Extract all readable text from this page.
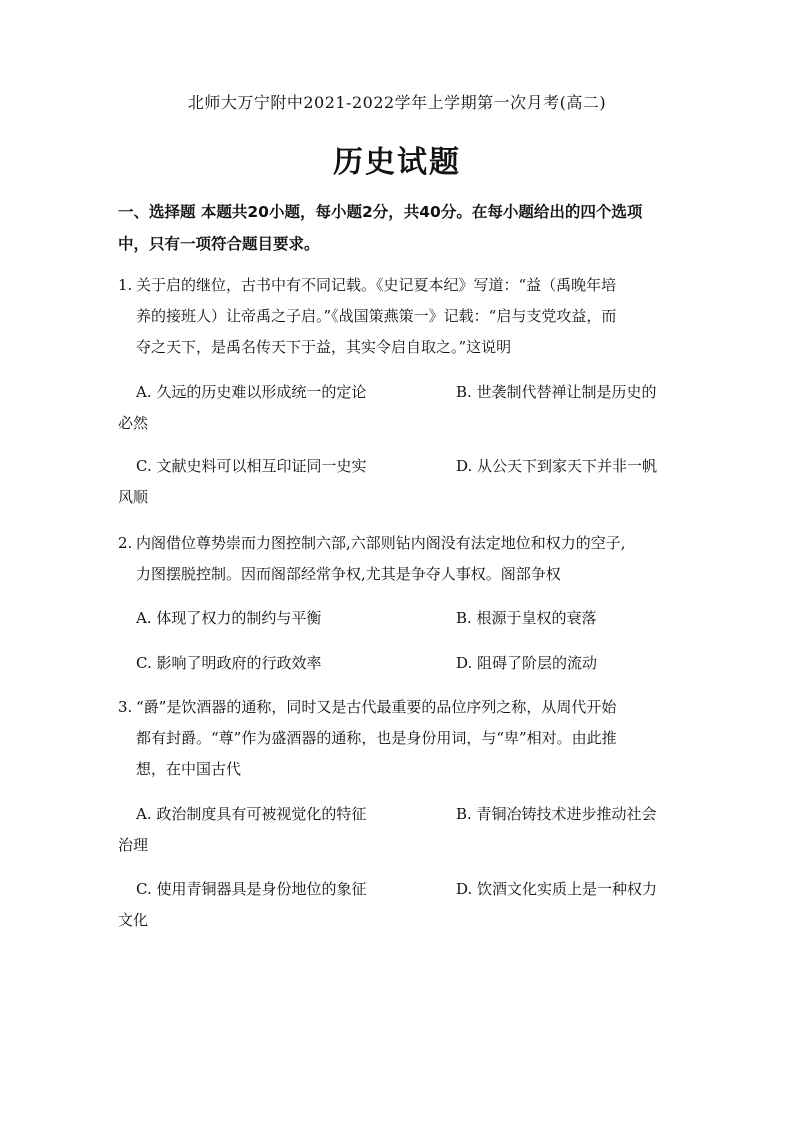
北师大万宁附中2021-2022学年上学期第一次月考(高二)
历史试题
一、选择题 本题共20小题，每小题2分，共40分。在每小题给出的四个选项
中，只有一项符合题目要求。
1. 关于启的继位，古书中有不同记载。《史记夏本纪》写道：“益（禹晚年培
养的接班人）让帝禹之子启。”《战国策燕策一》记载：“启与支党攻益，而
夺之天下，是禹名传天下于益，其实令启自取之。”这说明
A. 久远的历史难以形成统一的定论	B. 世袭制代替禅让制是历史的
必然
C. 文献史料可以相互印证同一史实	D. 从公天下到家天下并非一帆
风顺
2. 内阁借位尊势崇而力图控制六部,六部则钻内阁没有法定地位和权力的空子,
力图摆脱控制。因而阁部经常争权,尤其是争夺人事权。阁部争权
A. 体现了权力的制约与平衡	B. 根源于皇权的衰落
C. 影响了明政府的行政效率	D. 阻碍了阶层的流动
3. “爵”是饮酒器的通称，同时又是古代最重要的品位序列之称，从周代开始
都有封爵。“尊”作为盛酒器的通称，也是身份用词，与“卑”相对。由此推
想，在中国古代
A. 政治制度具有可被视觉化的特征	B. 青铜冶铸技术进步推动社会
治理
C. 使用青铜器具是身份地位的象征	D. 饮酒文化实质上是一种权力
文化
